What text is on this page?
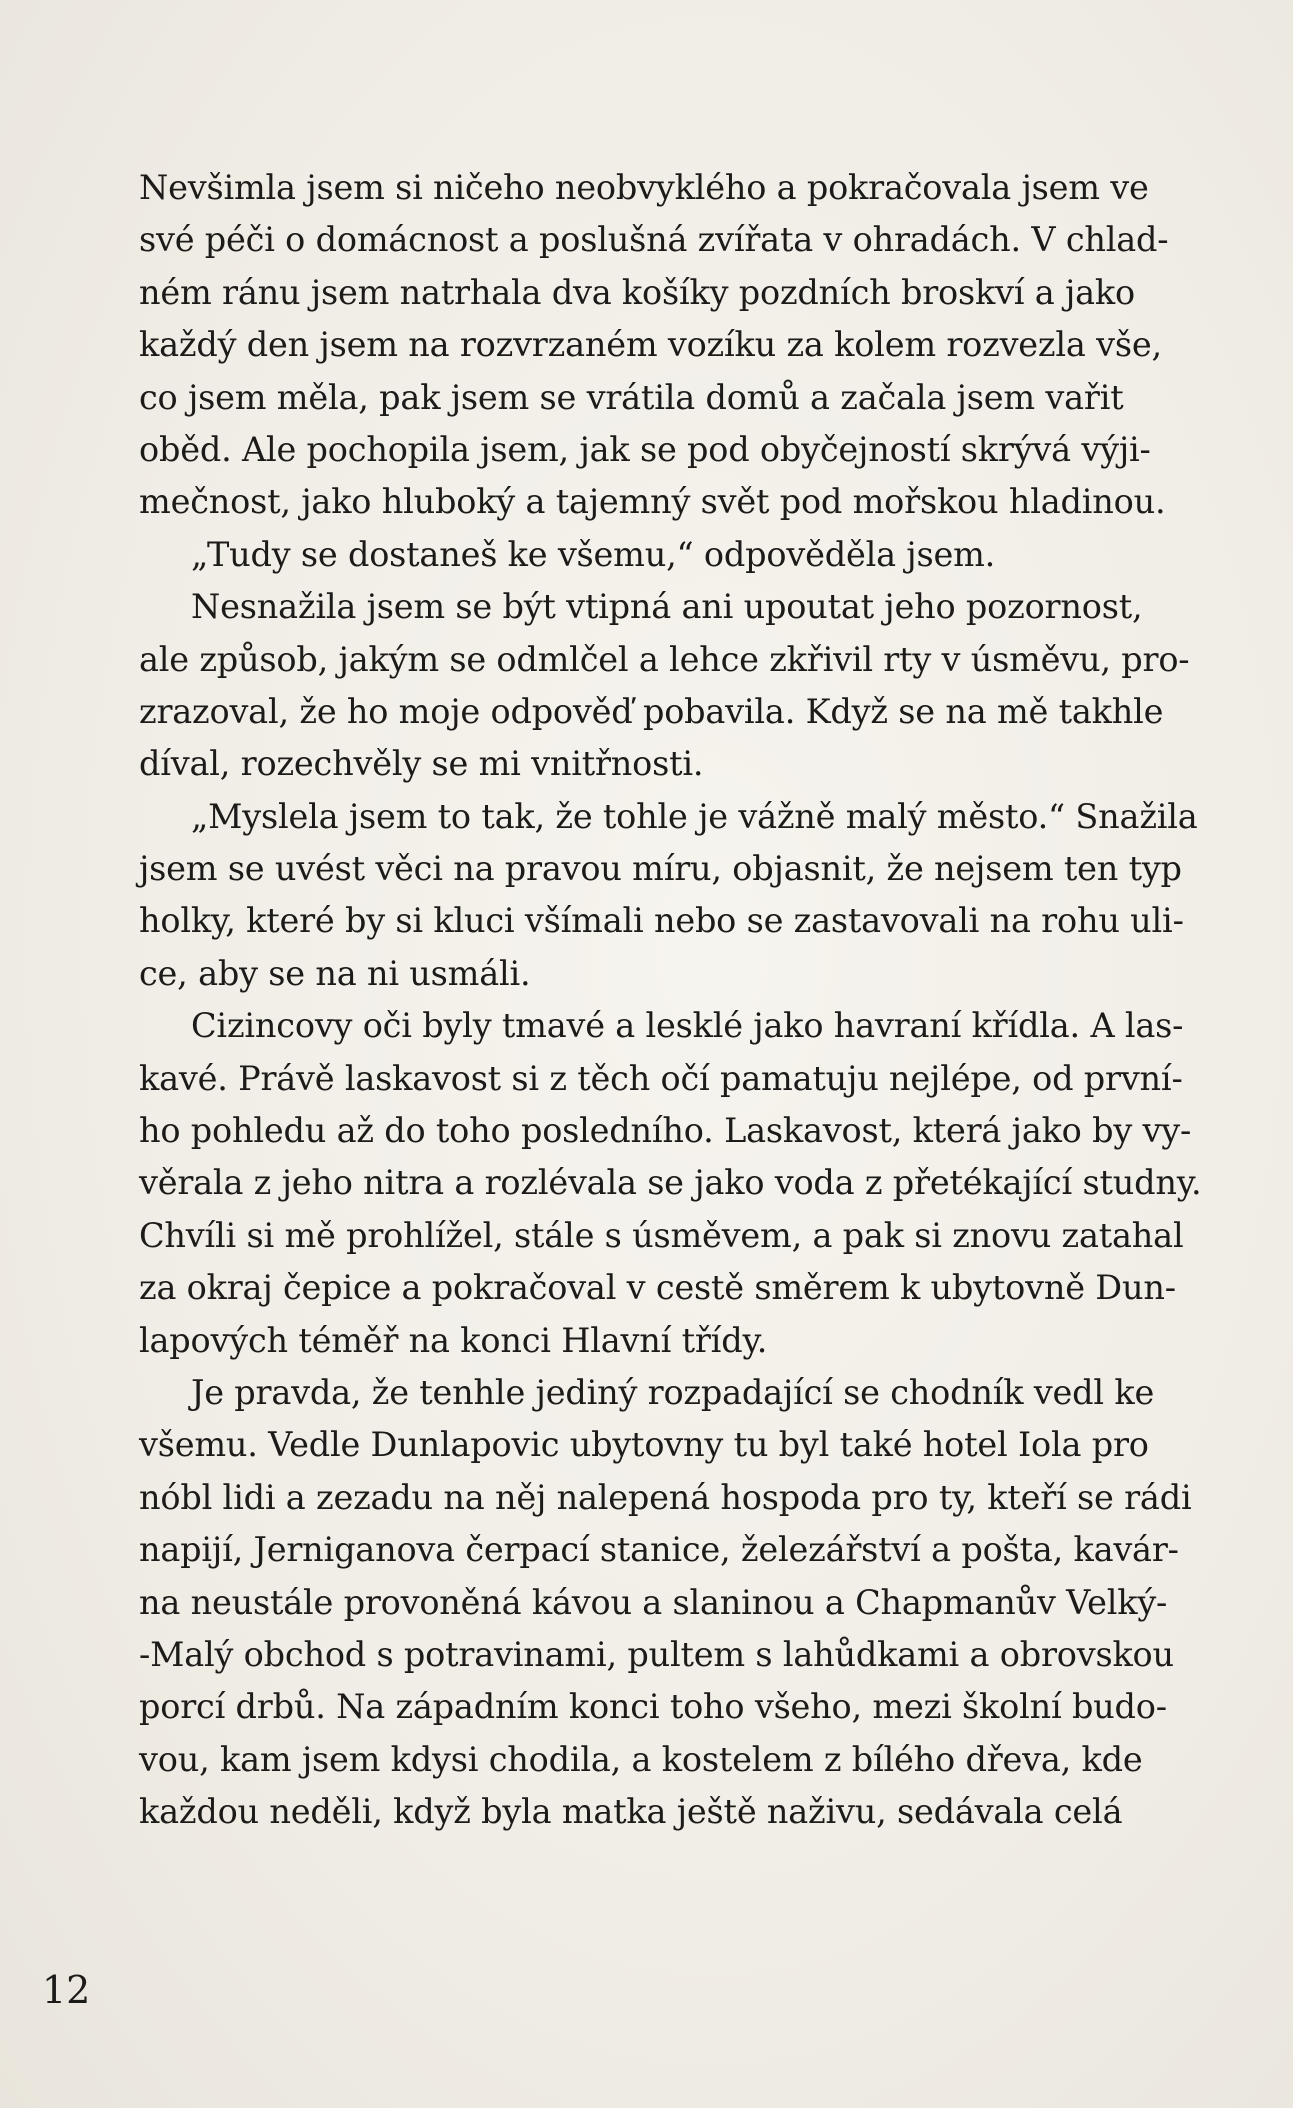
Nevšimla jsem si ničeho neobvyklého a pokračovala jsem ve
své péči o domácnost a poslušná zvířata v ohradách. V chlad-
ném ránu jsem natrhala dva košíky pozdních broskví a jako
každý den jsem na rozvrzaném vozíku za kolem rozvezla vše,
co jsem měla, pak jsem se vrátila domů a začala jsem vařit
oběd. Ale pochopila jsem, jak se pod obyčejností skrývá výji-
mečnost, jako hluboký a tajemný svět pod mořskou hladinou.
„Tudy se dostaneš ke všemu,“ odpověděla jsem.
Nesnažila jsem se být vtipná ani upoutat jeho pozornost,
ale způsob, jakým se odmlčel a lehce zkřivil rty v úsměvu, pro-
zrazoval, že ho moje odpověď pobavila. Když se na mě takhle
díval, rozechvěly se mi vnitřnosti.
„Myslela jsem to tak, že tohle je vážně malý město.“ Snažila
jsem se uvést věci na pravou míru, objasnit, že nejsem ten typ
holky, které by si kluci všímali nebo se zastavovali na rohu uli-
ce, aby se na ni usmáli.
Cizincovy oči byly tmavé a lesklé jako havraní křídla. A las-
kavé. Právě laskavost si z těch očí pamatuju nejlépe, od první-
ho pohledu až do toho posledního. Laskavost, která jako by vy-
věrala z jeho nitra a rozlévala se jako voda z přetékající studny.
Chvíli si mě prohlížel, stále s úsměvem, a pak si znovu zatahal
za okraj čepice a pokračoval v cestě směrem k ubytovně Dun-
lapových téměř na konci Hlavní třídy.
Je pravda, že tenhle jediný rozpadající se chodník vedl ke
všemu. Vedle Dunlapovic ubytovny tu byl také hotel Iola pro
nóbl lidi a zezadu na něj nalepená hospoda pro ty, kteří se rádi
napijí, Jerniganova čerpací stanice, železářství a pošta, kavár-
na neustále provoněná kávou a slaninou a Chapmanův Velký-
-Malý obchod s potravinami, pultem s lahůdkami a obrovskou
porcí drbů. Na západním konci toho všeho, mezi školní budo-
vou, kam jsem kdysi chodila, a kostelem z bílého dřeva, kde
každou neděli, když byla matka ještě naživu, sedávala celá
12
